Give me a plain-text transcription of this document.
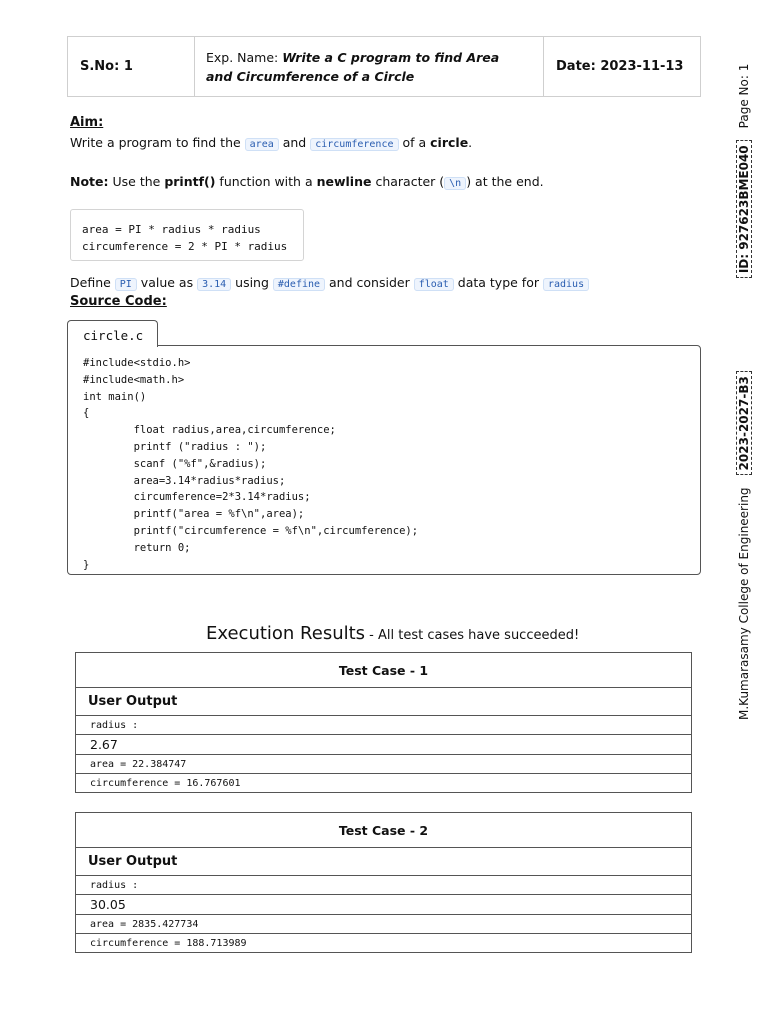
S.No: 1
Exp. Name: Write a C program to find Area and Circumference of a Circle
Date: 2023-11-13
Aim:
Write a program to find the area and circumference of a circle.
Note: Use the printf() function with a newline character ( \n ) at the end.
area = PI * radius * radius
circumference = 2 * PI * radius
Define PI value as 3.14 using #define and consider float data type for radius
Source Code:
circle.c
#include<stdio.h>
#include<math.h>
int main()
{
float radius,area,circumference;
printf ("radius : ");
scanf ("%f",&radius);
area=3.14*radius*radius;
circumference=2*3.14*radius;
printf("area = %f\n",area);
printf("circumference = %f\n",circumference);
return 0;
}
Execution Results - All test cases have succeeded!
Test Case - 1
User Output
radius :
2.67
area = 22.384747
circumference = 16.767601
Test Case - 2
User Output
radius :
30.05
area = 2835.427734
circumference = 188.713989
M.Kumarasamy College of Engineering
2023-2027-B3
ID: 927623BME040
Page No: 1
